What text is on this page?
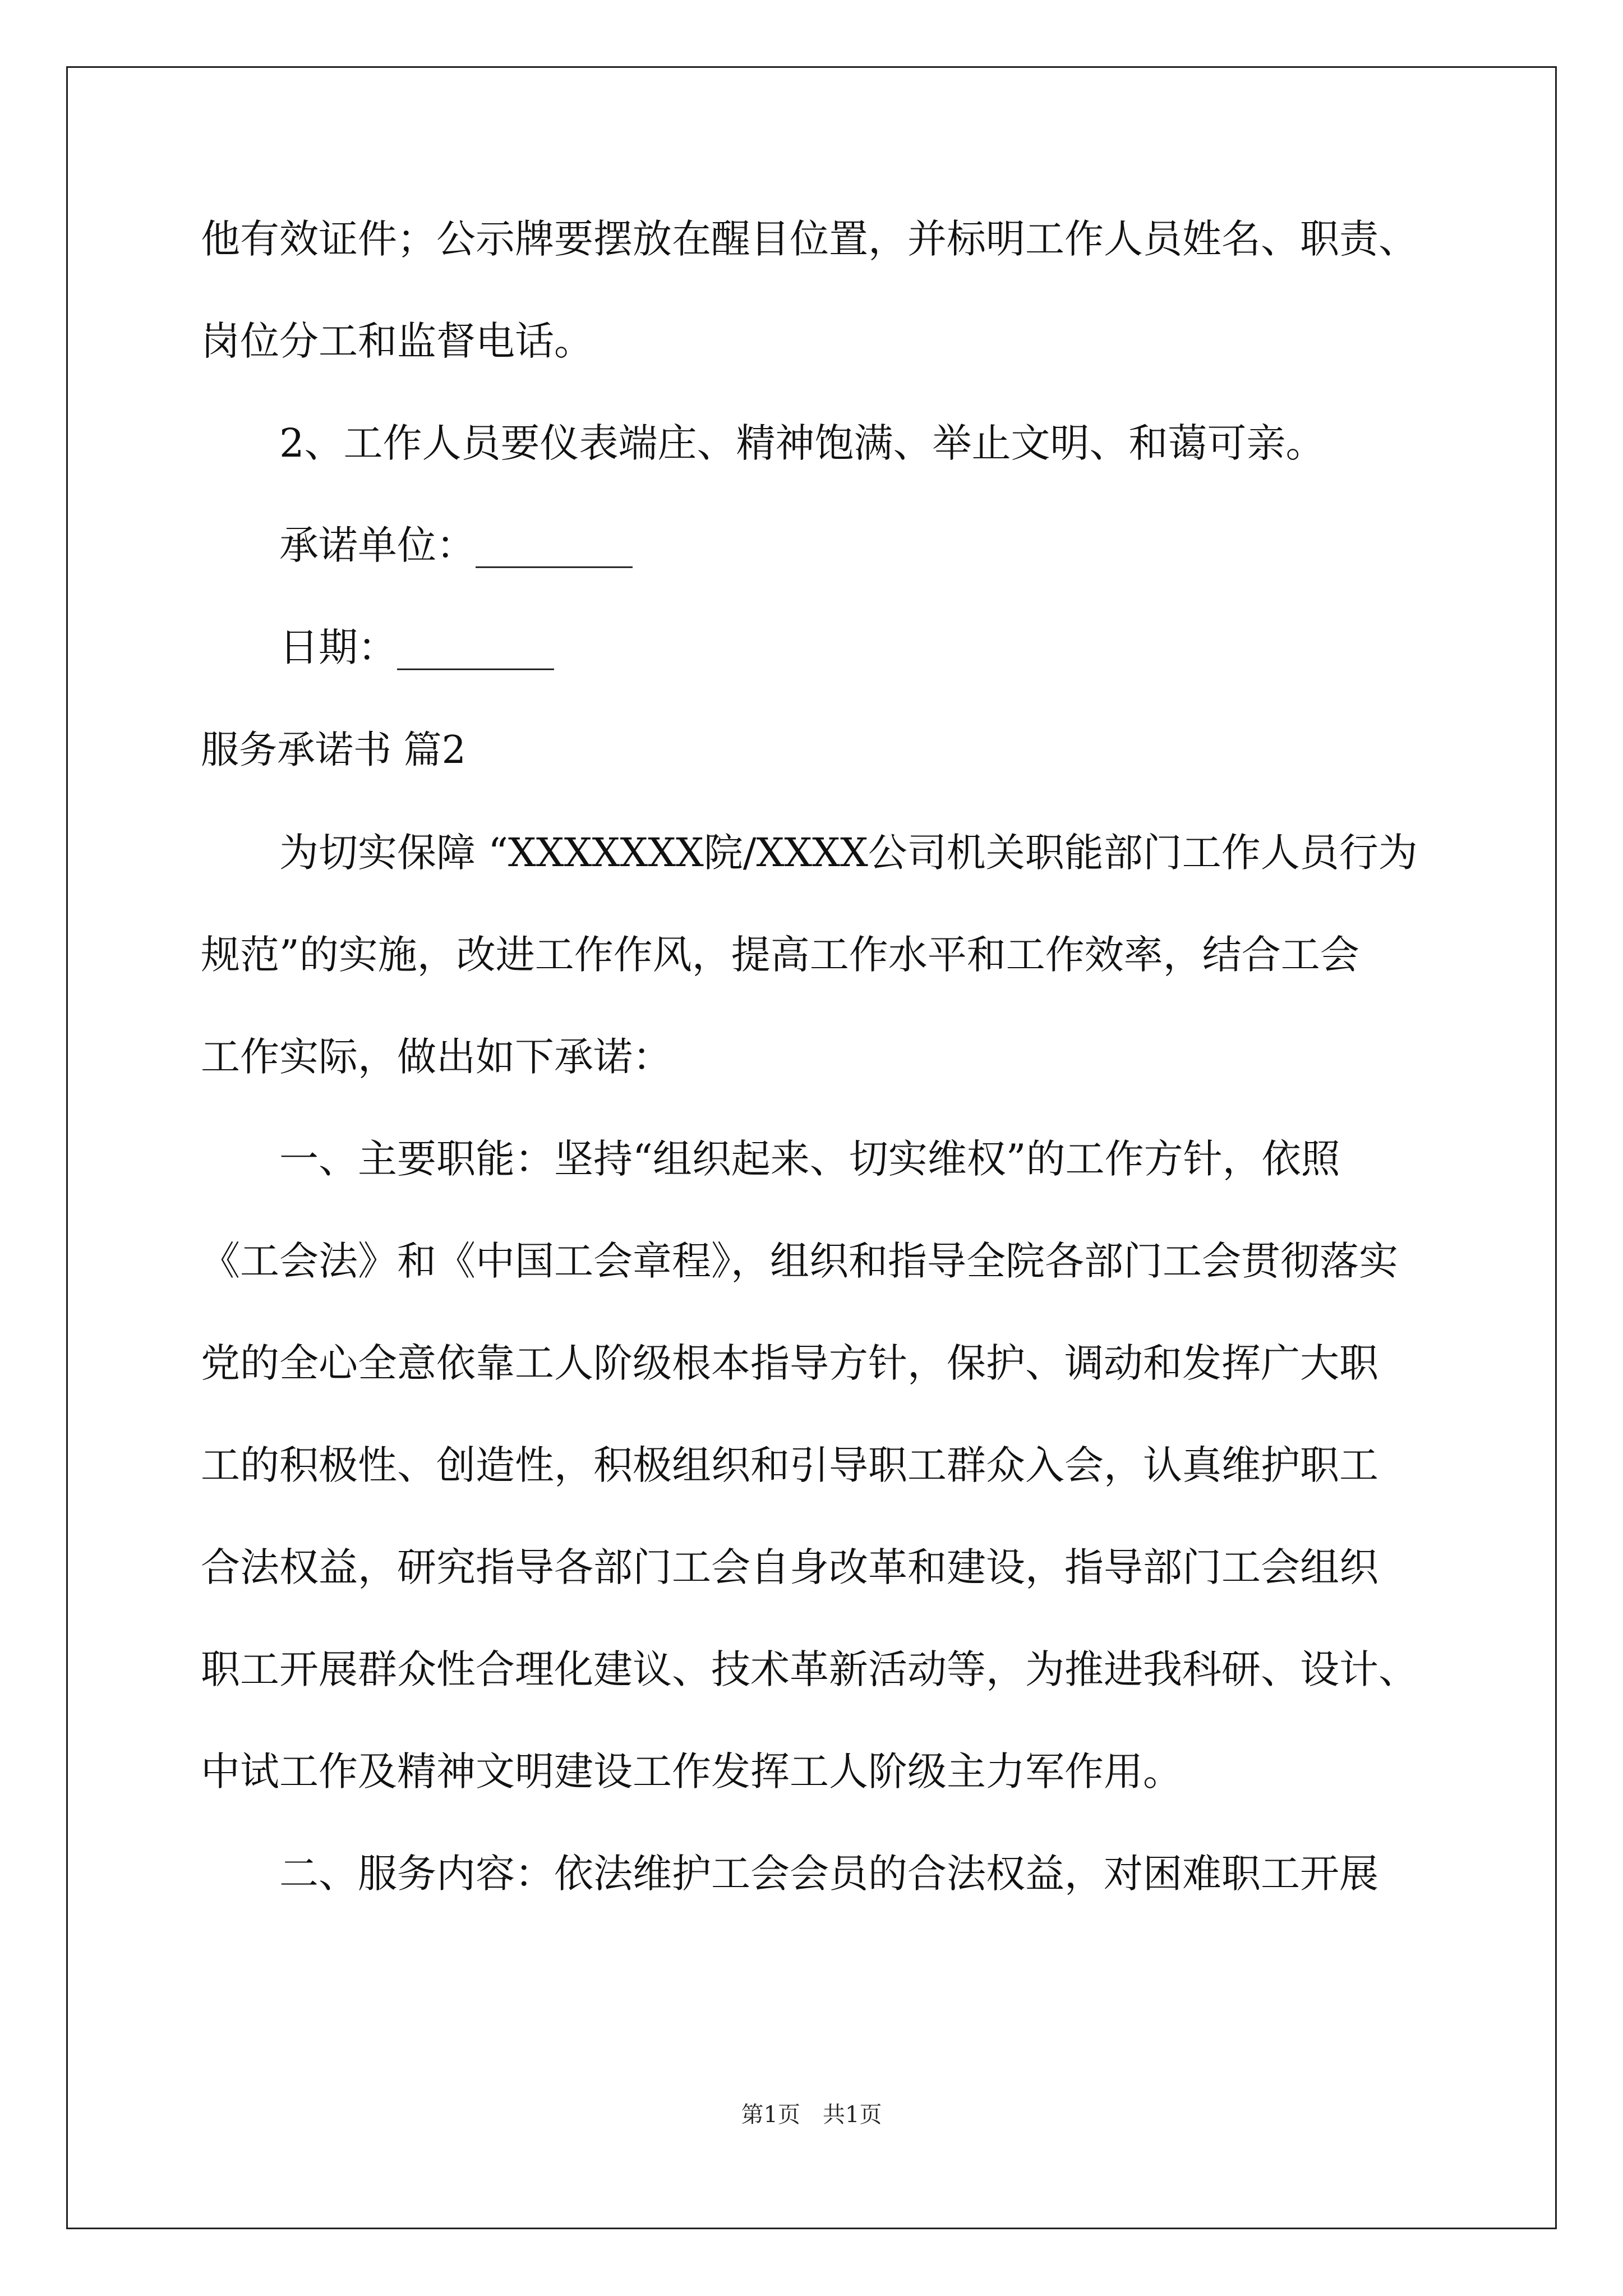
他有效证件；公示牌要摆放在醒目位置，并标明工作人员姓名、职责、
岗位分工和监督电话。
2、工作人员要仪表端庄、精神饱满、举止文明、和蔼可亲。
承诺单位：________
日期：________
服务承诺书 篇2
为切实保障 “XXXXXXX院/XXXX公司机关职能部门工作人员行为
规范”的实施，改进工作作风，提高工作水平和工作效率，结合工会
工作实际，做出如下承诺：
一、主要职能：坚持“组织起来、切实维权”的工作方针，依照
《工会法》和《中国工会章程》，组织和指导全院各部门工会贯彻落实
党的全心全意依靠工人阶级根本指导方针，保护、调动和发挥广大职
工的积极性、创造性，积极组织和引导职工群众入会，认真维护职工
合法权益，研究指导各部门工会自身改革和建设，指导部门工会组织
职工开展群众性合理化建议、技术革新活动等，为推进我科研、设计、
中试工作及精神文明建设工作发挥工人阶级主力军作用。
二、服务内容：依法维护工会会员的合法权益，对困难职工开展
第1页　共1页
